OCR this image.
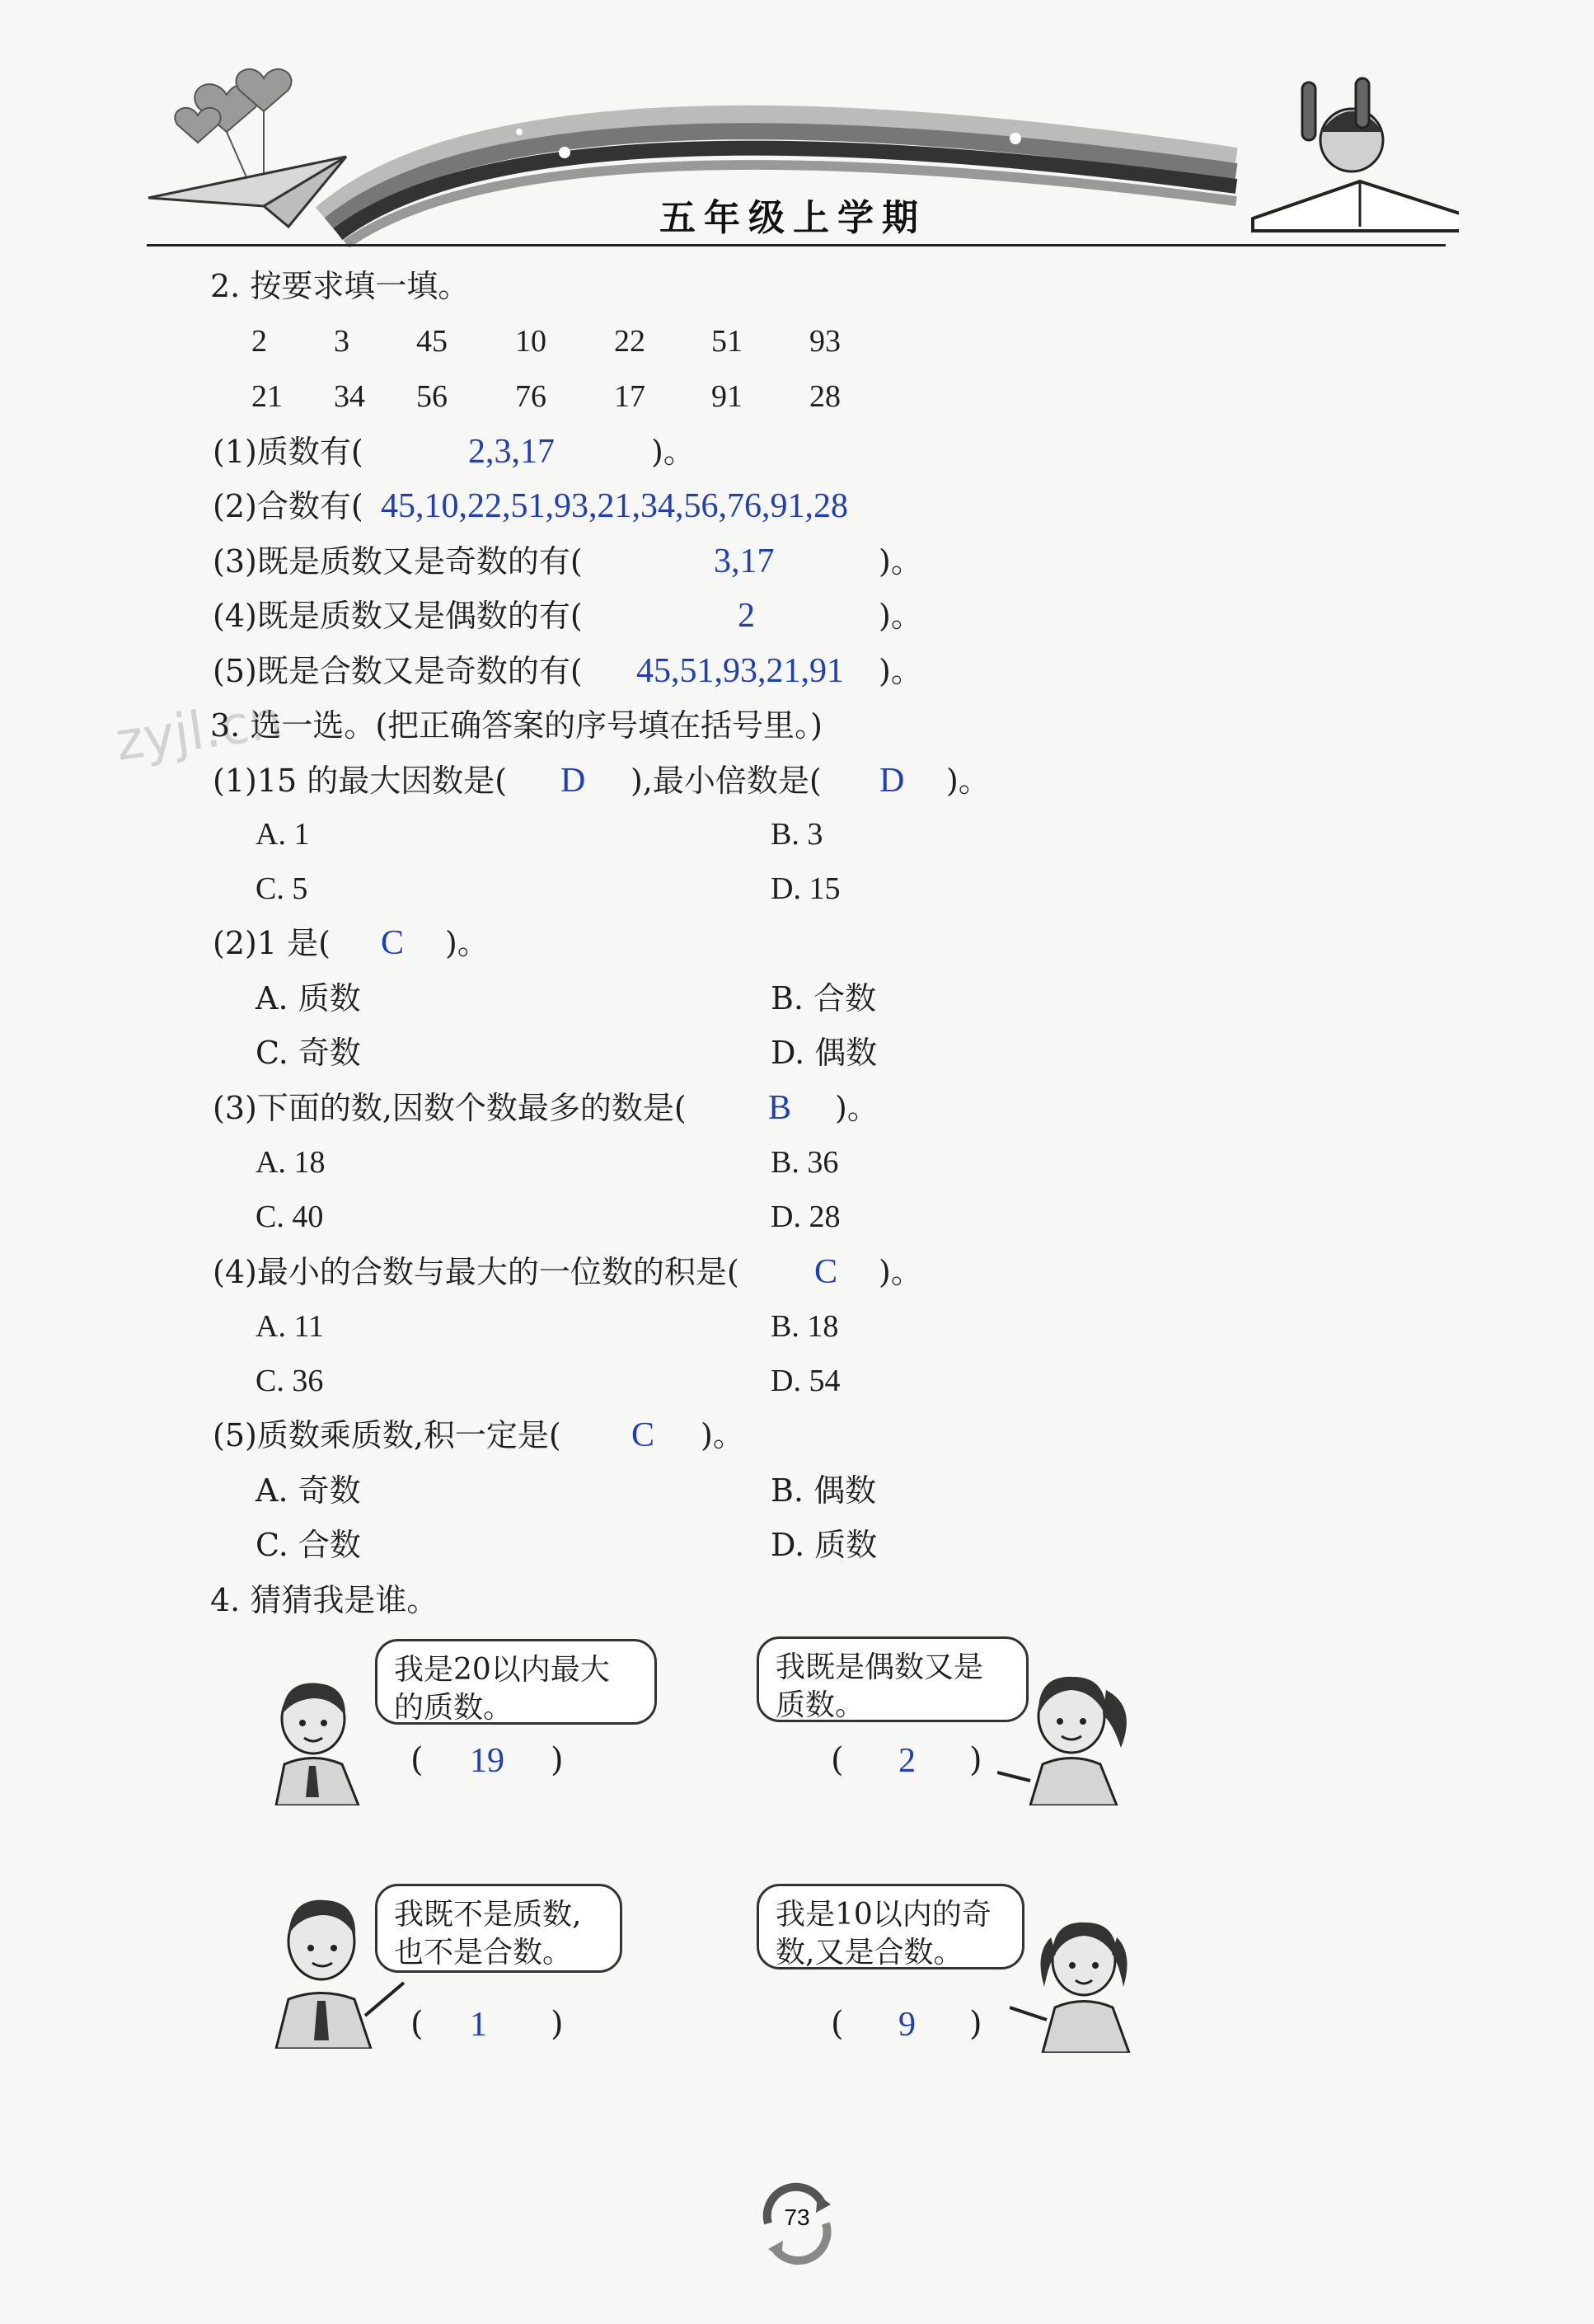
五年级上学期
zyjl.cn
2. 按要求填一填。
2 3 45 10 22 51 93
21 34 56 76 17 91 28
(1)质数有(	2,3,17	)。
(2)合数有( 45,10,22,51,93,21,34,56,76,91,28
(3)既是质数又是奇数的有(	3,17	)。
(4)既是质数又是偶数的有(	2	)。
(5)既是合数又是奇数的有( 45,51,93,21,91 )。
3. 选一选。(把正确答案的序号填在括号里。)
(1)15 的最大因数是( D ),最小倍数是( D )。
A. 1	B. 3
C. 5	D. 15
(2)1 是( C )。
A. 质数	B. 合数
C. 奇数	D. 偶数
(3)下面的数,因数个数最多的数是( B )。
A. 18	B. 36
C. 40	D. 28
(4)最小的合数与最大的一位数的积是( C )。
A. 11	B. 18
C. 36	D. 54
(5)质数乘质数,积一定是( C )。
A. 奇数	B. 偶数
C. 合数	D. 质数
4. 猜猜我是谁。
我是20以内最大的质数。
( 19 )
我既是偶数又是质数。
( 2 )
我既不是质数,也不是合数。
( 1 )
我是10以内的奇数,又是合数。
( 9 )
73
